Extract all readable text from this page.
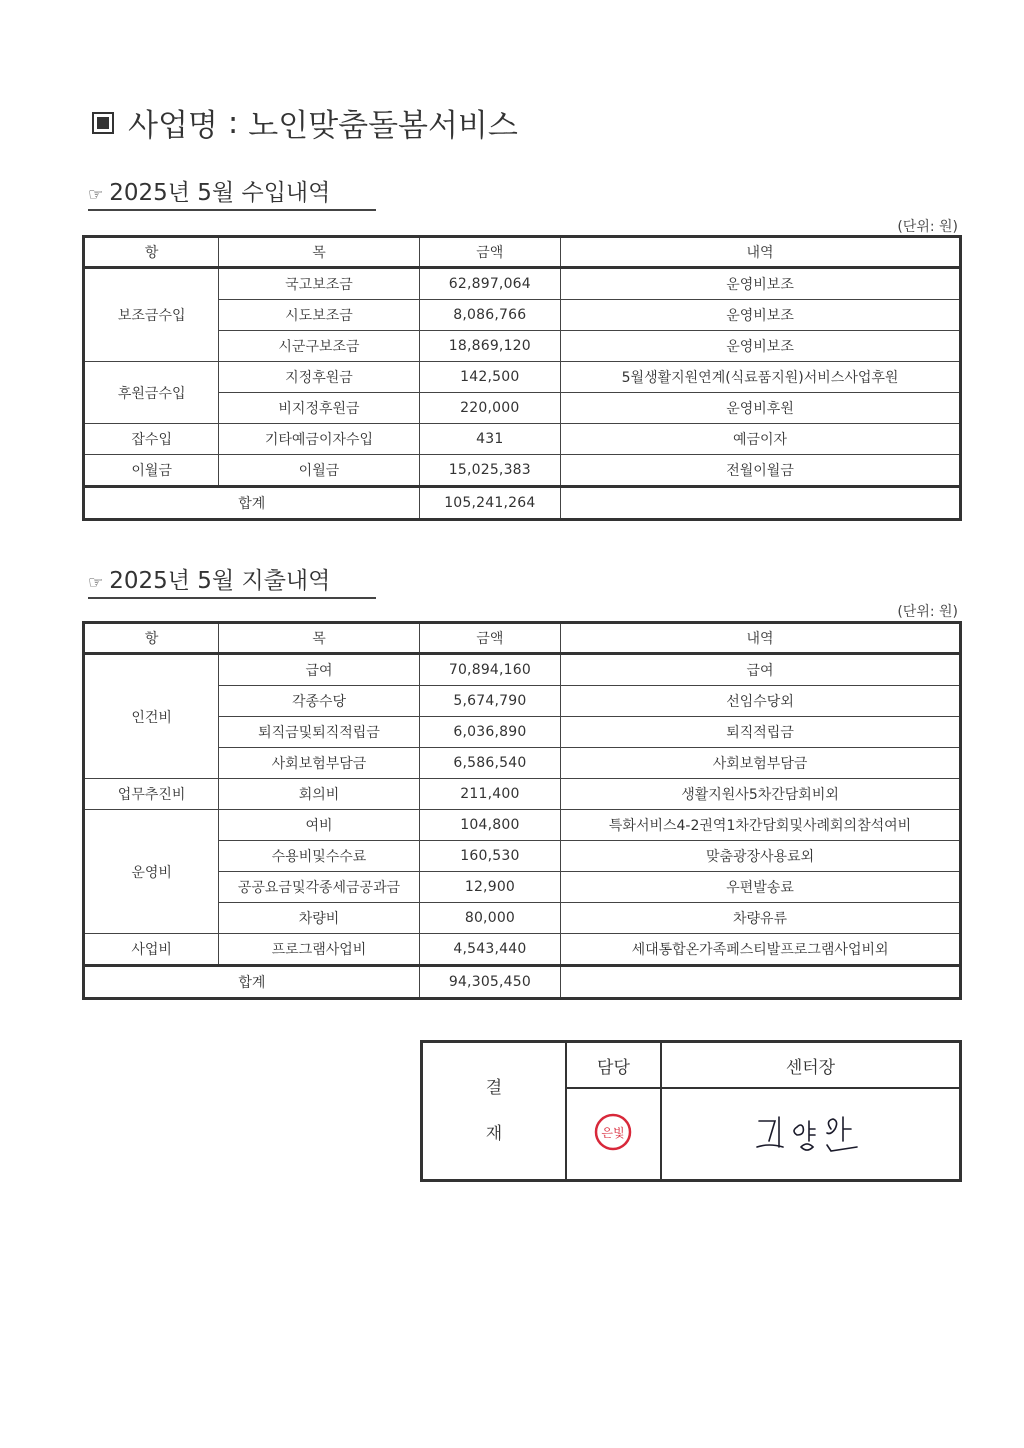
사업명 : 노인맞춤돌봄서비스
☞ 2025년 5월 수입내역
(단위: 원)
항	목	금액	내역
보조금수입	국고보조금	62,897,064	운영비보조
	시도보조금	8,086,766	운영비보조
	시군구보조금	18,869,120	운영비보조
후원금수입	지정후원금	142,500	5월생활지원연계(식료품지원)서비스사업후원
	비지정후원금	220,000	운영비후원
잡수입	기타예금이자수입	431	예금이자
이월금	이월금	15,025,383	전월이월금
합계		105,241,264	
☞ 2025년 5월 지출내역
(단위: 원)
항	목	금액	내역
인건비	급여	70,894,160	급여
	각종수당	5,674,790	선임수당외
	퇴직금및퇴직적립금	6,036,890	퇴직적립금
	사회보험부담금	6,586,540	사회보험부담금
업무추진비	회의비	211,400	생활지원사5차간담회비외
운영비	여비	104,800	특화서비스4-2권역1차간담회및사례회의참석여비
	수용비및수수료	160,530	맞춤광장사용료외
	공공요금및각종세금공과금	12,900	우편발송료
	차량비	80,000	차량유류
사업비	프로그램사업비	4,543,440	세대통합온가족페스티발프로그램사업비외
합계		94,305,450	
결
재	담당	센터장

은빛
